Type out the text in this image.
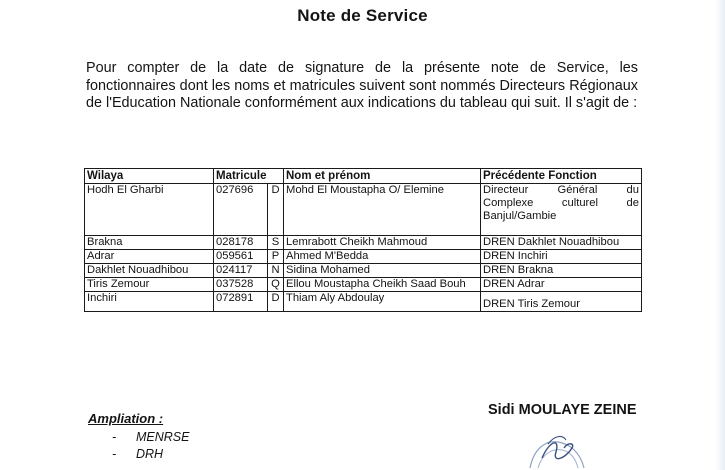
Note de Service
Pour compter de la date de signature de la présente note de Service, les fonctionnaires dont les noms et matricules suivent sont nommés Directeurs Régionaux de l'Education Nationale conformément aux indications du tableau qui suit. Il s'agit de :
Wilaya	Matricule		Nom et prénom	Précédente Fonction
Hodh El Gharbi	027696	D	Mohd El Moustapha O/ Elemine	Directeur Général du Complexe culturel de Banjul/Gambie
Brakna	028178	S	Lemrabott Cheikh Mahmoud	DREN Dakhlet Nouadhibou
Adrar	059561	P	Ahmed M'Bedda	DREN Inchiri
Dakhlet Nouadhibou	024117	N	Sidina Mohamed	DREN Brakna
Tiris Zemour	037528	Q	Ellou Moustapha Cheikh Saad Bouh	DREN Adrar
Inchiri	072891	D	Thiam Aly Abdoulay	DREN Tiris Zemour
Ampliation :
-	MENRSE
-	DRH
Sidi MOULAYE ZEINE
